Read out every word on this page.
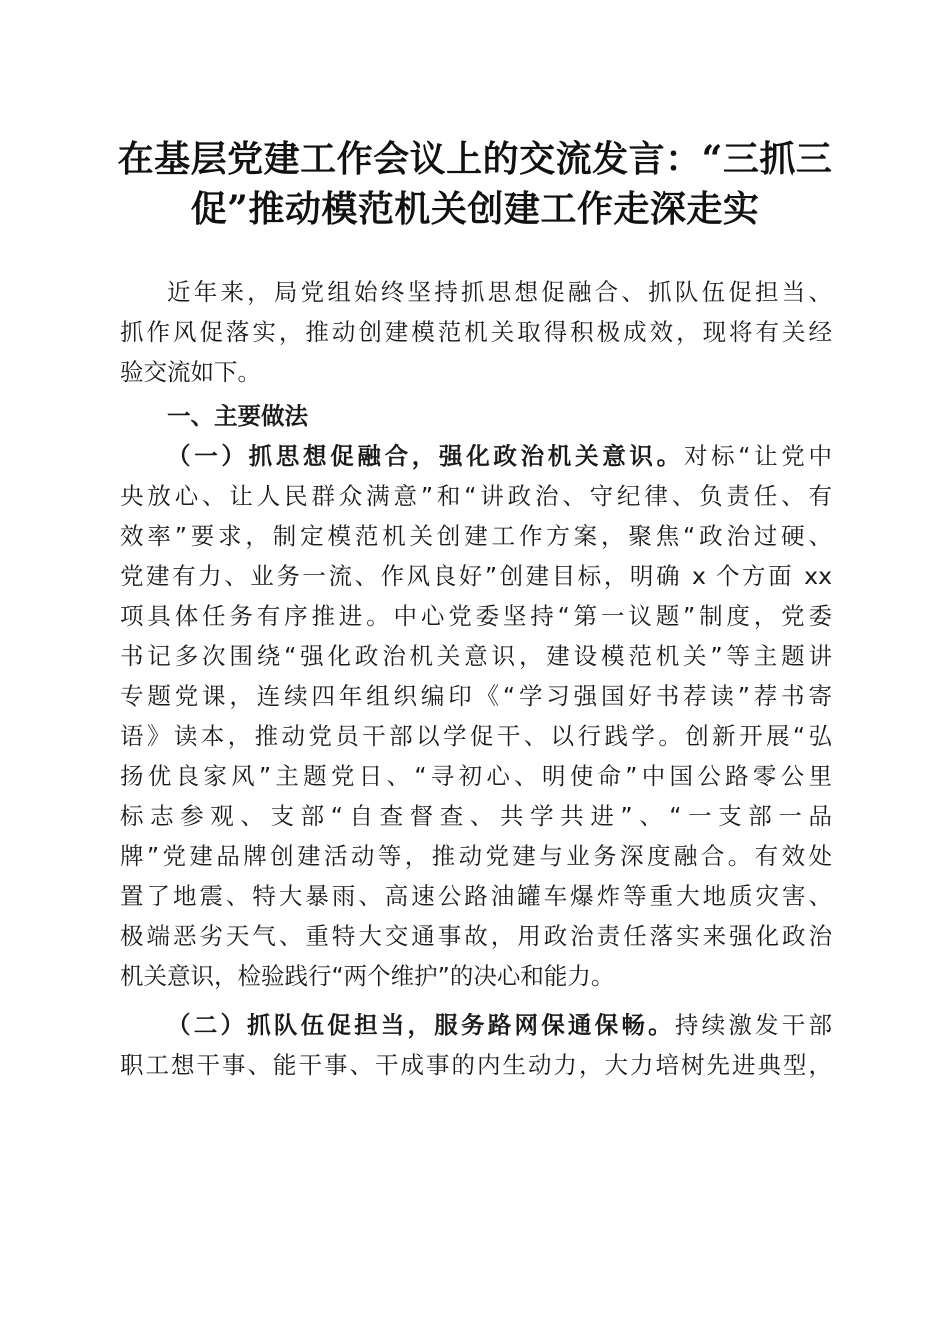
在基层党建工作会议上的交流发言：“三抓三
促”推动模范机关创建工作走深走实
近年来，局党组始终坚持抓思想促融合、抓队伍促担当、
抓作风促落实，推动创建模范机关取得积极成效，现将有关经
验交流如下。
一、主要做法
（一）抓思想促融合，强化政治机关意识。对标“让党中
央放心、让人民群众满意”和“讲政治、守纪律、负责任、有
效率”要求，制定模范机关创建工作方案，聚焦“政治过硬、
党建有力、业务一流、作风良好”创建目标，明确 x 个方面 xx
项具体任务有序推进。中心党委坚持“第一议题”制度，党委
书记多次围绕“强化政治机关意识，建设模范机关”等主题讲
专题党课，连续四年组织编印《“学习强国好书荐读”荐书寄
语》读本，推动党员干部以学促干、以行践学。创新开展“弘
扬优良家风”主题党日、“寻初心、明使命”中国公路零公里
标志参观、支部“自查督查、共学共进”、“一支部一品
牌”党建品牌创建活动等，推动党建与业务深度融合。有效处
置了地震、特大暴雨、高速公路油罐车爆炸等重大地质灾害、
极端恶劣天气、重特大交通事故，用政治责任落实来强化政治
机关意识，检验践行“两个维护”的决心和能力。
（二）抓队伍促担当，服务路网保通保畅。持续激发干部
职工想干事、能干事、干成事的内生动力，大力培树先进典型，
